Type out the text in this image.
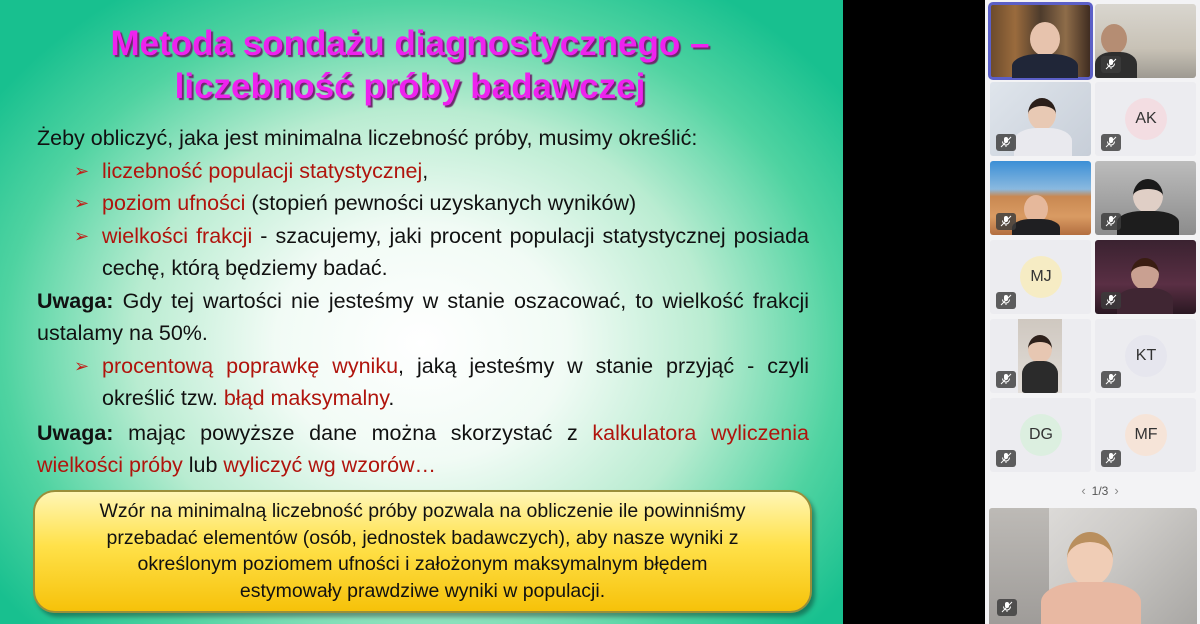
Metoda sondażu diagnostycznego –
liczebność próby badawczej

Żeby obliczyć, jaka jest minimalna liczebność próby, musimy określić:

➢ liczebność populacji statystycznej,

➢ poziom ufności (stopień pewności uzyskanych wyników)

➢ wielkości frakcji - szacujemy, jaki procent populacji statystycznej posiada cechę, którą będziemy badać.

Uwaga: Gdy tej wartości nie jesteśmy w stanie oszacować, to wielkość frakcji ustalamy na 50%.

➢ procentową poprawkę wyniku, jaką jesteśmy w stanie przyjąć - czyli określić tzw. błąd maksymalny.

Uwaga: mając powyższe dane można skorzystać z kalkulatora wyliczenia wielkości próby lub wyliczyć wg wzorów…

Wzór na minimalną liczebność próby pozwala na obliczenie ile powinniśmy
przebadać elementów (osób, jednostek badawczych), aby nasze wyniki z
określonym poziomem ufności i założonym maksymalnym błędem
estymowały prawdziwe wyniki w populacji.
AK
MJ
KT
DG	MF
‹ 1/3 ›
